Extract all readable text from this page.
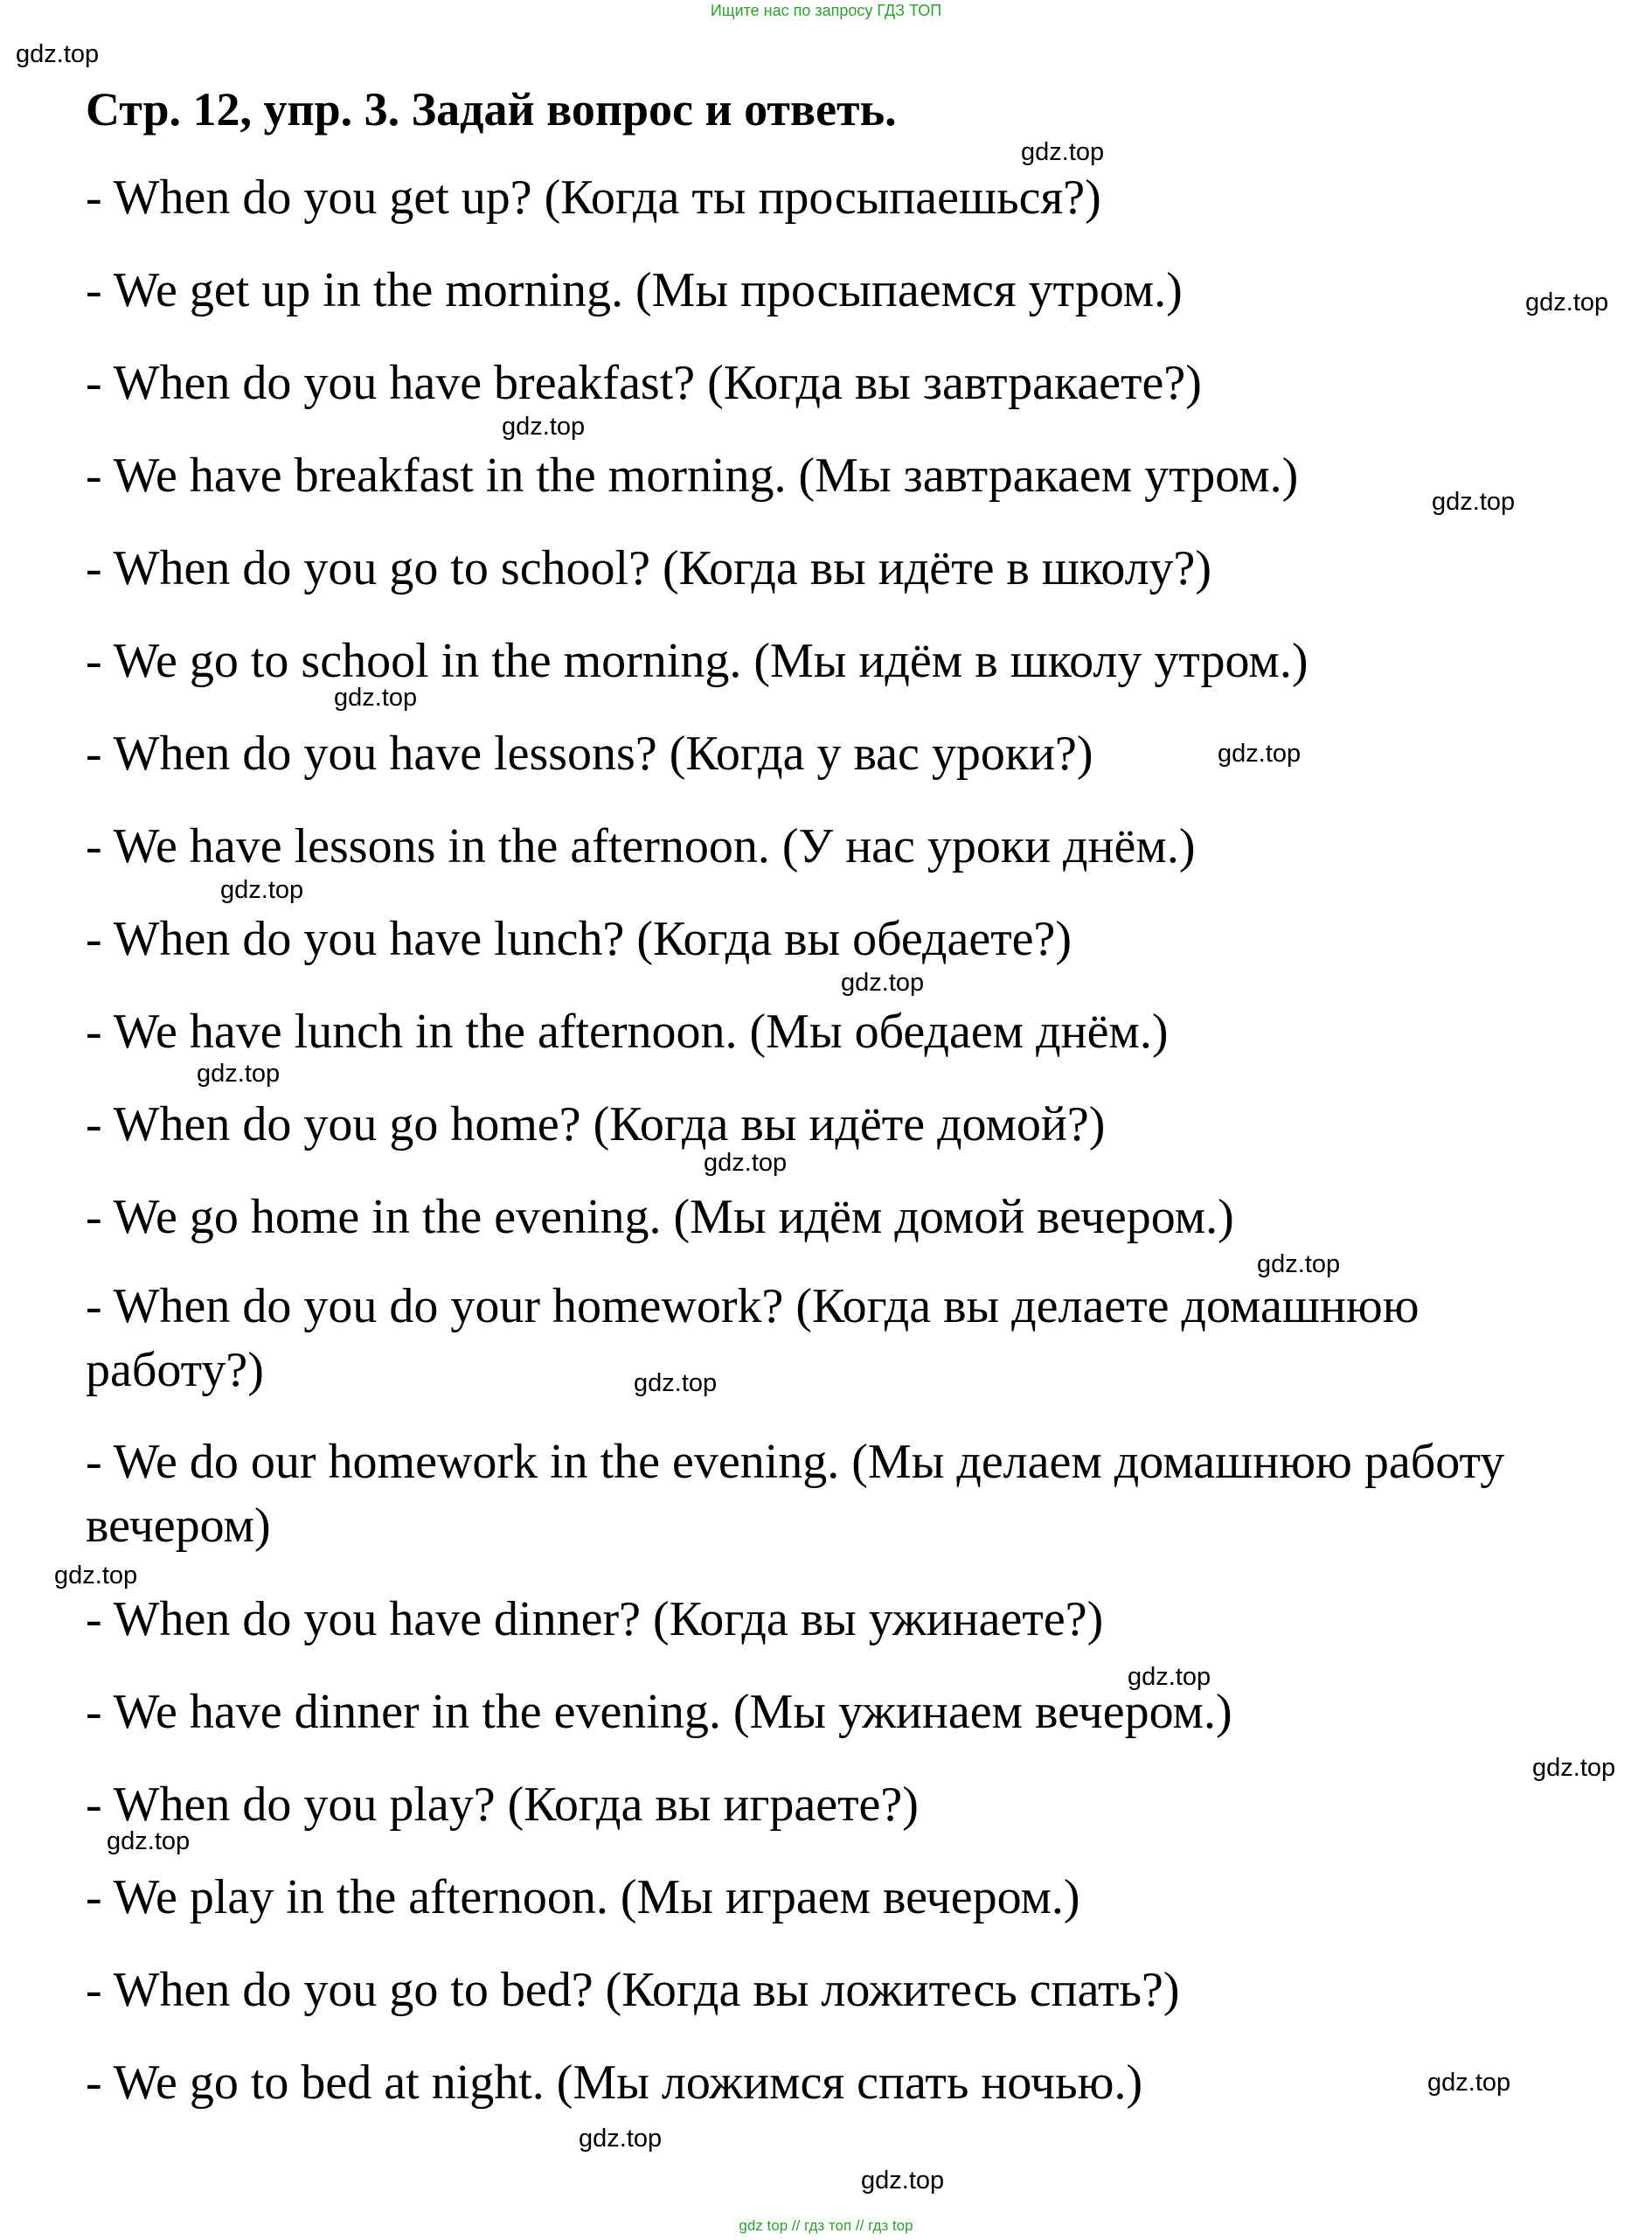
Ищите нас по запросу ГДЗ ТОП
gdz.top
Стр. 12, упр. 3. Задай вопрос и ответь.
gdz.top
- When do you get up? (Когда ты просыпаешься?)
- We get up in the morning. (Мы просыпаемся утром.)	gdz.top
- When do you have breakfast? (Когда вы завтракаете?)
gdz.top
- We have breakfast in the morning. (Мы завтракаем утром.)	gdz.top
- When do you go to school? (Когда вы идёте в школу?)
- We go to school in the morning. (Мы идём в школу утром.)
gdz.top
- When do you have lessons? (Когда у вас уроки?)	gdz.top
- We have lessons in the afternoon. (У нас уроки днём.)
gdz.top
- When do you have lunch? (Когда вы обедаете?)
gdz.top
- We have lunch in the afternoon. (Мы обедаем днём.)
gdz.top
- When do you go home? (Когда вы идёте домой?)
gdz.top
- We go home in the evening. (Мы идём домой вечером.)
gdz.top
- When do you do your homework? (Когда вы делаете домашнюю работу?)	gdz.top
- We do our homework in the evening. (Мы делаем домашнюю работу вечером)
gdz.top
- When do you have dinner? (Когда вы ужинаете?)
gdz.top
- We have dinner in the evening. (Мы ужинаем вечером.)
gdz.top
- When do you play? (Когда вы играете?)
gdz.top
- We play in the afternoon. (Мы играем вечером.)
- When do you go to bed? (Когда вы ложитесь спать?)
- We go to bed at night. (Мы ложимся спать ночью.)	gdz.top
gdz.top
gdz.top
gdz top // гдз топ // гдз top
